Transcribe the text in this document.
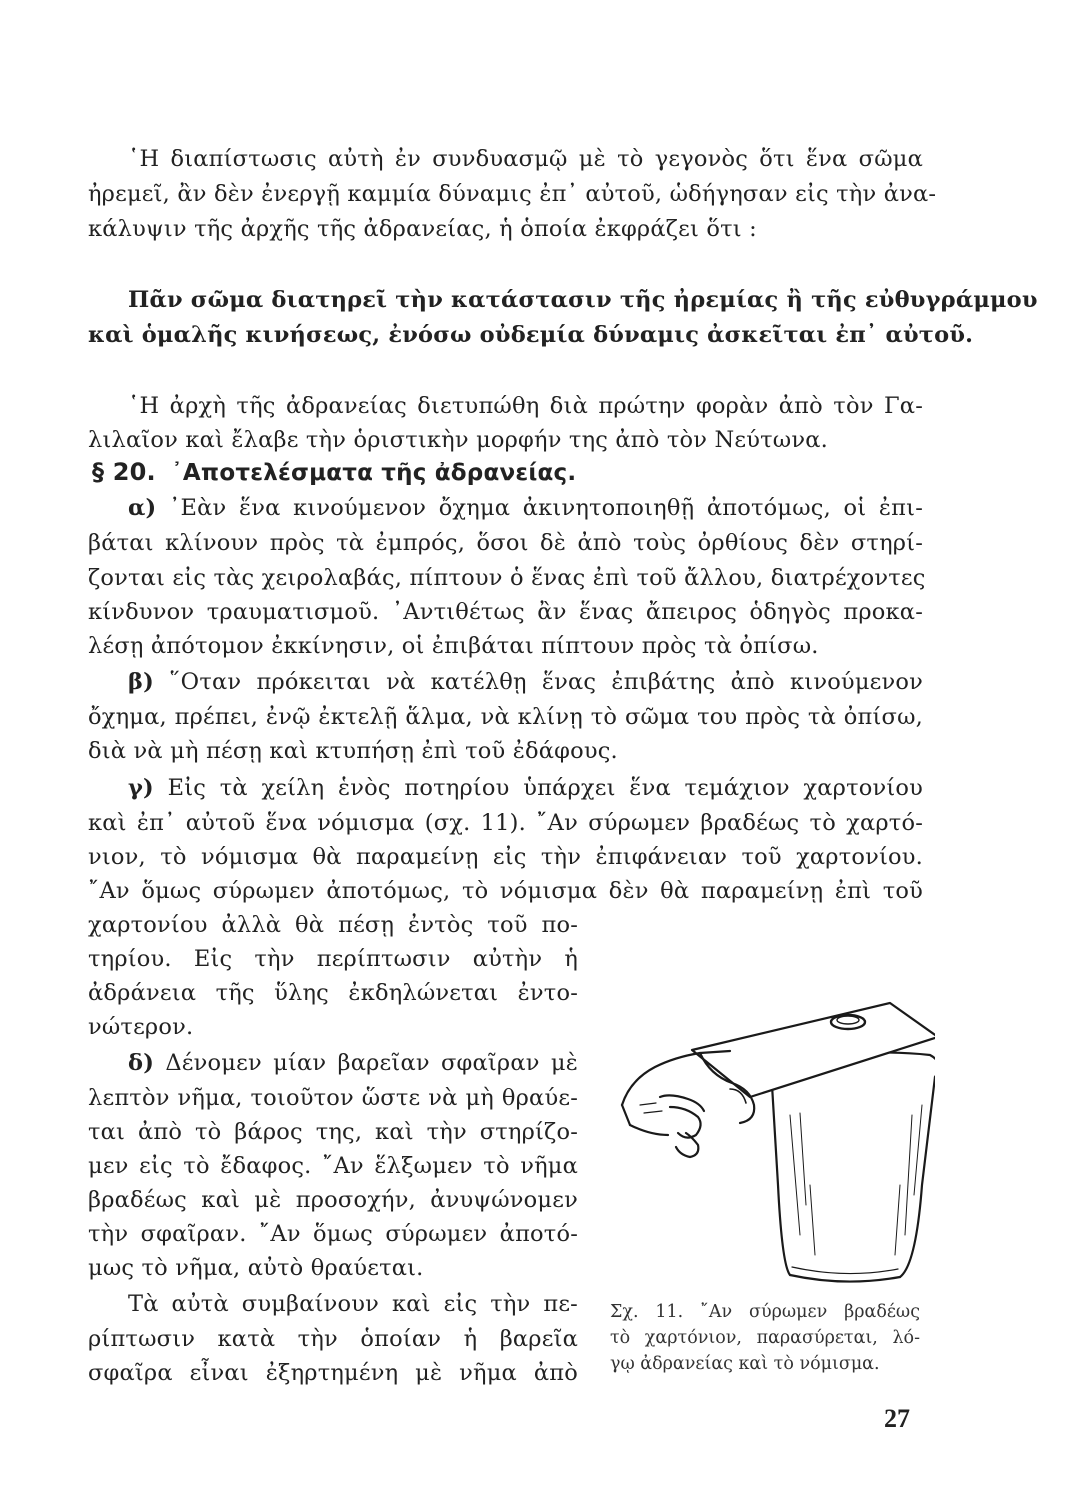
῾Η διαπίστωσις αὐτὴ ἐν συνδυασμῷ μὲ τὸ γεγονὸς ὅτι ἕνα σῶμα
ἠρεμεῖ, ἂν δὲν ἐνεργῇ καμμία δύναμις ἐπ᾿ αὐτοῦ, ὡδήγησαν εἰς τὴν ἀνα-
κάλυψιν τῆς ἀρχῆς τῆς ἀδρανείας, ἡ ὁποία ἐκφράζει ὅτι :
Πᾶν σῶμα διατηρεῖ τὴν κατάστασιν τῆς ἠρεμίας ἢ τῆς εὐθυγράμμου
καὶ ὁμαλῆς κινήσεως, ἐνόσω οὐδεμία δύναμις ἀσκεῖται ἐπ᾿ αὐτοῦ.
῾Η ἀρχὴ τῆς ἀδρανείας διετυπώθη διὰ πρώτην φορὰν ἀπὸ τὸν Γα-
λιλαῖον καὶ ἔλαβε τὴν ὁριστικὴν μορφήν της ἀπὸ τὸν Νεύτωνα.
§ 20. ᾿Αποτελέσματα τῆς ἀδρανείας.
α) ᾿Εὰν ἕνα κινούμενον ὄχημα ἀκινητοποιηθῇ ἀποτόμως, οἱ ἐπι-
βάται κλίνουν πρὸς τὰ ἐμπρός, ὅσοι δὲ ἀπὸ τοὺς ὀρθίους δὲν στηρί-
ζονται εἰς τὰς χειρολαβάς, πίπτουν ὁ ἕνας ἐπὶ τοῦ ἄλλου, διατρέχοντες
κίνδυνον τραυματισμοῦ. ᾿Αντιθέτως ἂν ἕνας ἄπειρος ὁδηγὸς προκα-
λέσῃ ἀπότομον ἐκκίνησιν, οἱ ἐπιβάται πίπτουν πρὸς τὰ ὀπίσω.
β) ῞Οταν πρόκειται νὰ κατέλθῃ ἕνας ἐπιβάτης ἀπὸ κινούμενον
ὄχημα, πρέπει, ἐνῷ ἐκτελῇ ἅλμα, νὰ κλίνῃ τὸ σῶμα του πρὸς τὰ ὀπίσω,
διὰ νὰ μὴ πέσῃ καὶ κτυπήσῃ ἐπὶ τοῦ ἐδάφους.
γ) Εἰς τὰ χείλη ἑνὸς ποτηρίου ὑπάρχει ἕνα τεμάχιον χαρτονίου
καὶ ἐπ᾿ αὐτοῦ ἕνα νόμισμα (σχ. 11). ῎Αν σύρωμεν βραδέως τὸ χαρτό-
νιον, τὸ νόμισμα θὰ παραμείνῃ εἰς τὴν ἐπιφάνειαν τοῦ χαρτονίου.
῎Αν ὅμως σύρωμεν ἀποτόμως, τὸ νόμισμα δὲν θὰ παραμείνῃ ἐπὶ τοῦ
χαρτονίου ἀλλὰ θὰ πέσῃ ἐντὸς τοῦ πο-
τηρίου. Εἰς τὴν περίπτωσιν αὐτὴν ἡ
ἀδράνεια τῆς ὕλης ἐκδηλώνεται ἐντο-
νώτερον.
δ) Δένομεν μίαν βαρεῖαν σφαῖραν μὲ
λεπτὸν νῆμα, τοιοῦτον ὥστε νὰ μὴ θραύε-
ται ἀπὸ τὸ βάρος της, καὶ τὴν στηρίζο-
μεν εἰς τὸ ἔδαφος. ῎Αν ἕλξωμεν τὸ νῆμα
βραδέως καὶ μὲ προσοχήν, ἀνυψώνομεν
τὴν σφαῖραν. ῎Αν ὅμως σύρωμεν ἀποτό-
μως τὸ νῆμα, αὐτὸ θραύεται.
Τὰ αὐτὰ συμβαίνουν καὶ εἰς τὴν πε-
ρίπτωσιν κατὰ τὴν ὁποίαν ἡ βαρεῖα
σφαῖρα εἶναι ἐξηρτημένη μὲ νῆμα ἀπὸ
Σχ. 11. ῎Αν σύρωμεν βραδέως
τὸ χαρτόνιον, παρασύρεται, λό-
γῳ ἀδρανείας καὶ τὸ νόμισμα.
27
